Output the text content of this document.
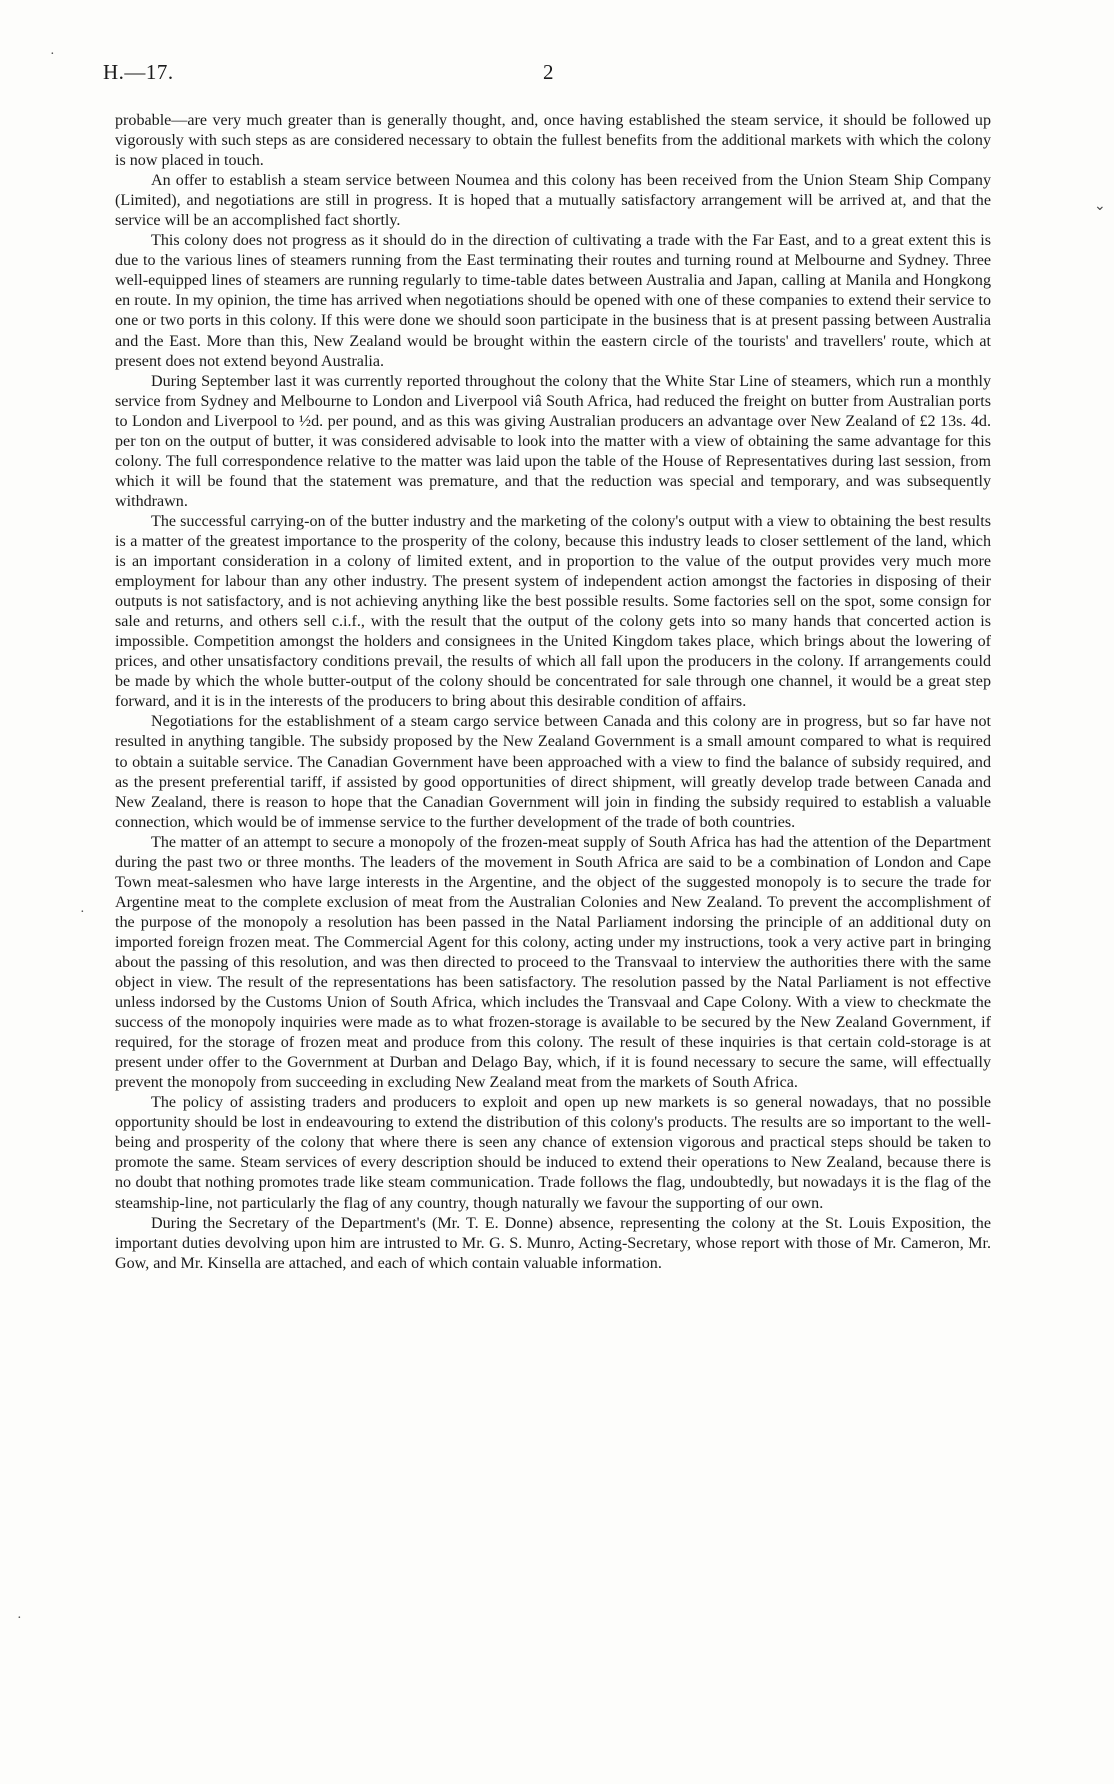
H.—17.	2

probable—are very much greater than is generally thought, and, once having established the steam service, it should be followed up vigorously with such steps as are considered necessary to obtain the fullest benefits from the additional markets with which the colony is now placed in touch.

An offer to establish a steam service between Noumea and this colony has been received from the Union Steam Ship Company (Limited), and negotiations are still in progress. It is hoped that a mutually satisfactory arrangement will be arrived at, and that the service will be an accomplished fact shortly.

This colony does not progress as it should do in the direction of cultivating a trade with the Far East, and to a great extent this is due to the various lines of steamers running from the East terminating their routes and turning round at Melbourne and Sydney. Three well-equipped lines of steamers are running regularly to time-table dates between Australia and Japan, calling at Manila and Hongkong en route. In my opinion, the time has arrived when negotiations should be opened with one of these companies to extend their service to one or two ports in this colony. If this were done we should soon participate in the business that is at present passing between Australia and the East. More than this, New Zealand would be brought within the eastern circle of the tourists' and travellers' route, which at present does not extend beyond Australia.

During September last it was currently reported throughout the colony that the White Star Line of steamers, which run a monthly service from Sydney and Melbourne to London and Liverpool viâ South Africa, had reduced the freight on butter from Australian ports to London and Liverpool to ½d. per pound, and as this was giving Australian producers an advantage over New Zealand of £2 13s. 4d. per ton on the output of butter, it was considered advisable to look into the matter with a view of obtaining the same advantage for this colony. The full correspondence relative to the matter was laid upon the table of the House of Representatives during last session, from which it will be found that the statement was premature, and that the reduction was special and temporary, and was subsequently withdrawn.

The successful carrying-on of the butter industry and the marketing of the colony's output with a view to obtaining the best results is a matter of the greatest importance to the prosperity of the colony, because this industry leads to closer settlement of the land, which is an important consideration in a colony of limited extent, and in proportion to the value of the output provides very much more employment for labour than any other industry. The present system of independent action amongst the factories in disposing of their outputs is not satisfactory, and is not achieving anything like the best possible results. Some factories sell on the spot, some consign for sale and returns, and others sell c.i.f., with the result that the output of the colony gets into so many hands that concerted action is impossible. Competition amongst the holders and consignees in the United Kingdom takes place, which brings about the lowering of prices, and other unsatisfactory conditions prevail, the results of which all fall upon the producers in the colony. If arrangements could be made by which the whole butter-output of the colony should be concentrated for sale through one channel, it would be a great step forward, and it is in the interests of the producers to bring about this desirable condition of affairs.

Negotiations for the establishment of a steam cargo service between Canada and this colony are in progress, but so far have not resulted in anything tangible. The subsidy proposed by the New Zealand Government is a small amount compared to what is required to obtain a suitable service. The Canadian Government have been approached with a view to find the balance of subsidy required, and as the present preferential tariff, if assisted by good opportunities of direct shipment, will greatly develop trade between Canada and New Zealand, there is reason to hope that the Canadian Government will join in finding the subsidy required to establish a valuable connection, which would be of immense service to the further development of the trade of both countries.

The matter of an attempt to secure a monopoly of the frozen-meat supply of South Africa has had the attention of the Department during the past two or three months. The leaders of the movement in South Africa are said to be a combination of London and Cape Town meat-salesmen who have large interests in the Argentine, and the object of the suggested monopoly is to secure the trade for Argentine meat to the complete exclusion of meat from the Australian Colonies and New Zealand. To prevent the accomplishment of the purpose of the monopoly a resolution has been passed in the Natal Parliament indorsing the principle of an additional duty on imported foreign frozen meat. The Commercial Agent for this colony, acting under my instructions, took a very active part in bringing about the passing of this resolution, and was then directed to proceed to the Transvaal to interview the authorities there with the same object in view. The result of the representations has been satisfactory. The resolution passed by the Natal Parliament is not effective unless indorsed by the Customs Union of South Africa, which includes the Transvaal and Cape Colony. With a view to checkmate the success of the monopoly inquiries were made as to what frozen-storage is available to be secured by the New Zealand Government, if required, for the storage of frozen meat and produce from this colony. The result of these inquiries is that certain cold-storage is at present under offer to the Government at Durban and Delago Bay, which, if it is found necessary to secure the same, will effectually prevent the monopoly from succeeding in excluding New Zealand meat from the markets of South Africa.

The policy of assisting traders and producers to exploit and open up new markets is so general nowadays, that no possible opportunity should be lost in endeavouring to extend the distribution of this colony's products. The results are so important to the well-being and prosperity of the colony that where there is seen any chance of extension vigorous and practical steps should be taken to promote the same. Steam services of every description should be induced to extend their operations to New Zealand, because there is no doubt that nothing promotes trade like steam communication. Trade follows the flag, undoubtedly, but nowadays it is the flag of the steamship-line, not particularly the flag of any country, though naturally we favour the supporting of our own.

During the Secretary of the Department's (Mr. T. E. Donne) absence, representing the colony at the St. Louis Exposition, the important duties devolving upon him are intrusted to Mr. G. S. Munro, Acting-Secretary, whose report with those of Mr. Cameron, Mr. Gow, and Mr. Kinsella are attached, and each of which contain valuable information.

·
⌄
·
·
